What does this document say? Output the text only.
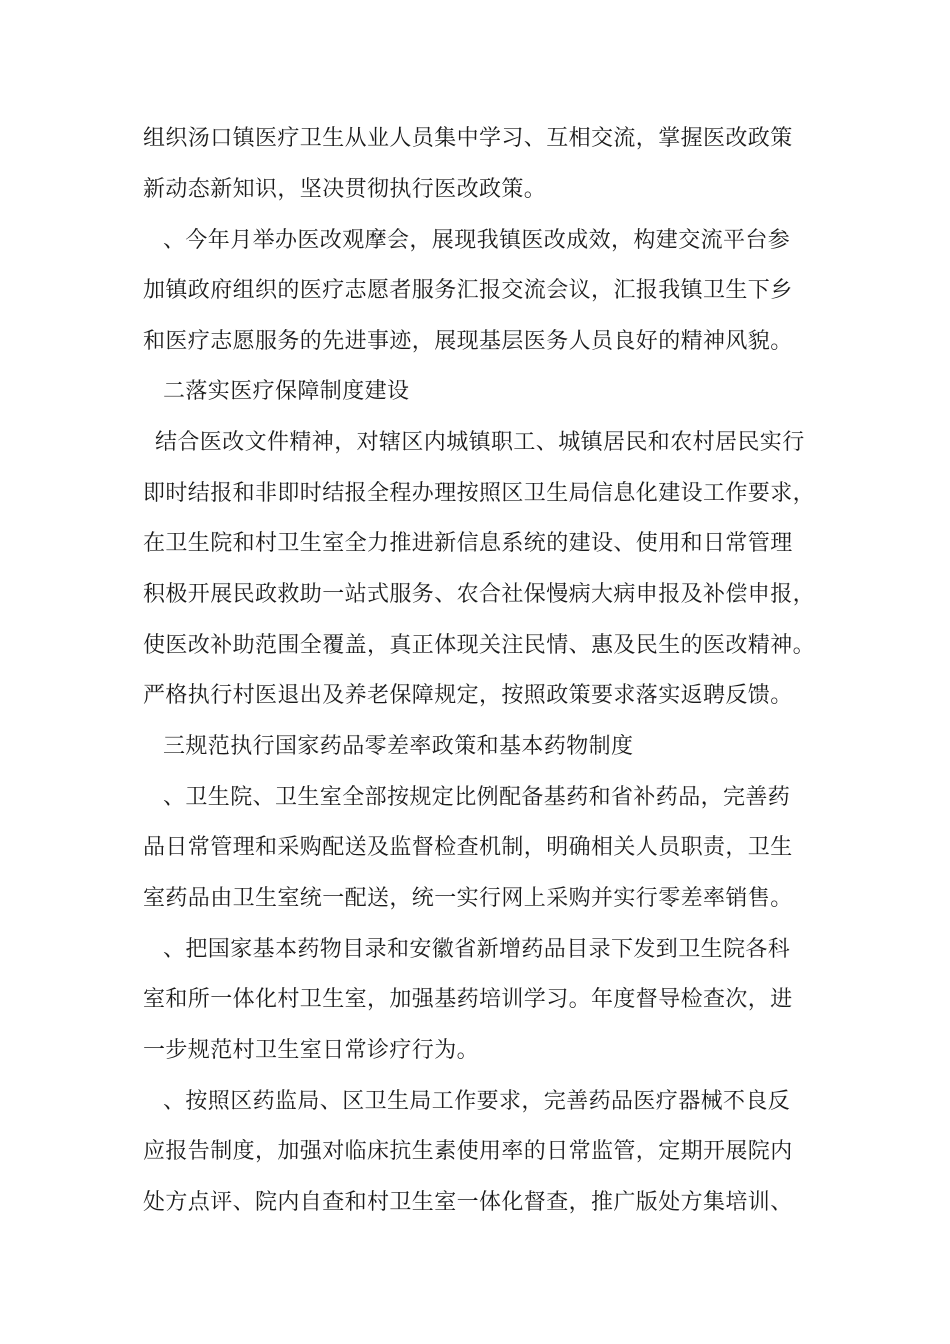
组织汤口镇医疗卫生从业人员集中学习、互相交流，掌握医改政策

新动态新知识，坚决贯彻执行医改政策。

、今年月举办医改观摩会，展现我镇医改成效，构建交流平台参

加镇政府组织的医疗志愿者服务汇报交流会议，汇报我镇卫生下乡

和医疗志愿服务的先进事迹，展现基层医务人员良好的精神风貌。

二落实医疗保障制度建设

结合医改文件精神，对辖区内城镇职工、城镇居民和农村居民实行

即时结报和非即时结报全程办理按照区卫生局信息化建设工作要求，

在卫生院和村卫生室全力推进新信息系统的建设、使用和日常管理

积极开展民政救助一站式服务、农合社保慢病大病申报及补偿申报，

使医改补助范围全覆盖，真正体现关注民情、惠及民生的医改精神。

严格执行村医退出及养老保障规定，按照政策要求落实返聘反馈。

三规范执行国家药品零差率政策和基本药物制度

、卫生院、卫生室全部按规定比例配备基药和省补药品，完善药

品日常管理和采购配送及监督检查机制，明确相关人员职责，卫生

室药品由卫生室统一配送，统一实行网上采购并实行零差率销售。

、把国家基本药物目录和安徽省新增药品目录下发到卫生院各科

室和所一体化村卫生室，加强基药培训学习。年度督导检查次，进

一步规范村卫生室日常诊疗行为。

、按照区药监局、区卫生局工作要求，完善药品医疗器械不良反

应报告制度，加强对临床抗生素使用率的日常监管，定期开展院内

处方点评、院内自查和村卫生室一体化督查，推广版处方集培训、
